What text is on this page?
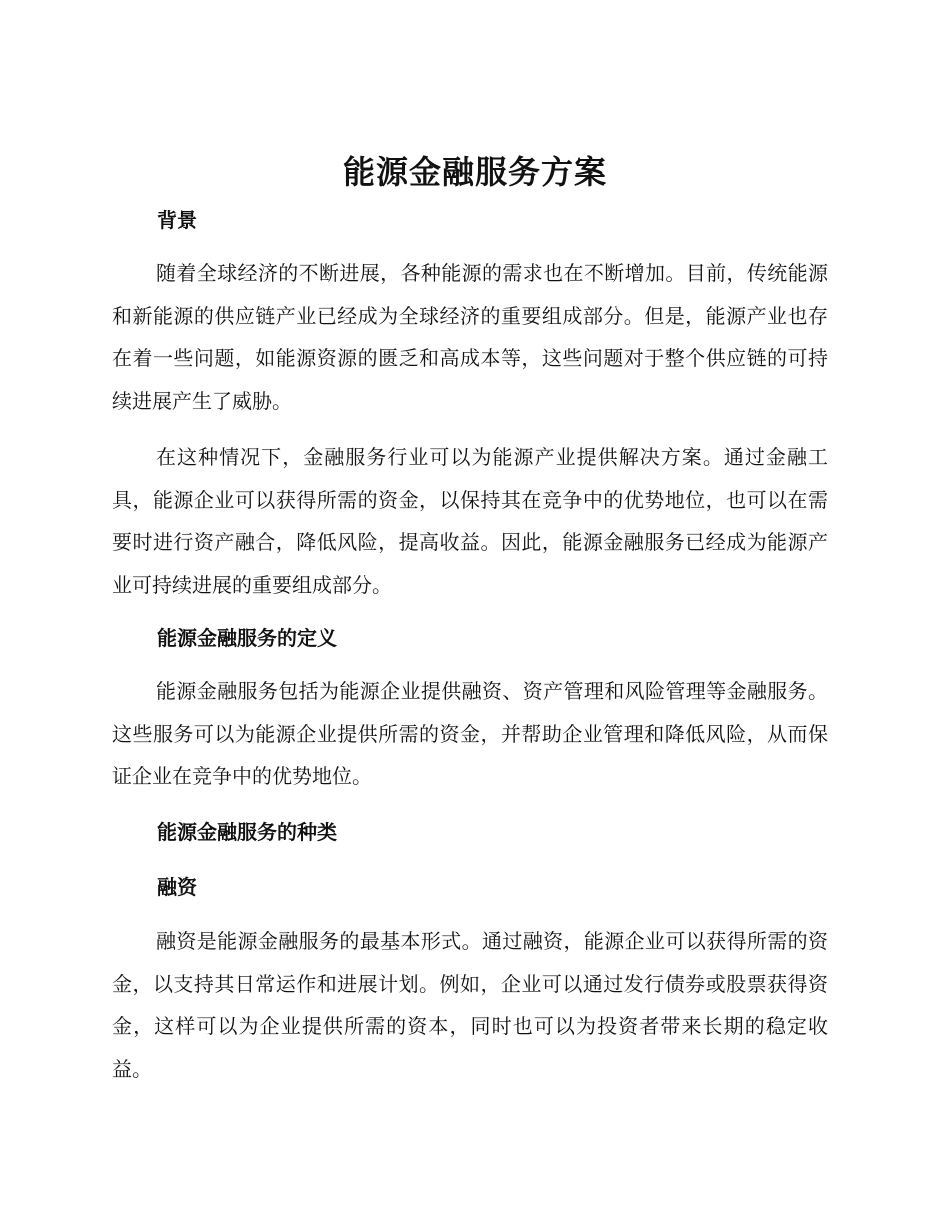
能源金融服务方案
背景

随着全球经济的不断进展，各种能源的需求也在不断增加。目前，传统能源和新能源的供应链产业已经成为全球经济的重要组成部分。但是，能源产业也存在着一些问题，如能源资源的匮乏和高成本等，这些问题对于整个供应链的可持续进展产生了威胁。

在这种情况下，金融服务行业可以为能源产业提供解决方案。通过金融工具，能源企业可以获得所需的资金，以保持其在竞争中的优势地位，也可以在需要时进行资产融合，降低风险，提高收益。因此，能源金融服务已经成为能源产业可持续进展的重要组成部分。

能源金融服务的定义

能源金融服务包括为能源企业提供融资、资产管理和风险管理等金融服务。这些服务可以为能源企业提供所需的资金，并帮助企业管理和降低风险，从而保证企业在竞争中的优势地位。

能源金融服务的种类
融资

融资是能源金融服务的最基本形式。通过融资，能源企业可以获得所需的资金，以支持其日常运作和进展计划。例如，企业可以通过发行债券或股票获得资金，这样可以为企业提供所需的资本，同时也可以为投资者带来长期的稳定收益。
